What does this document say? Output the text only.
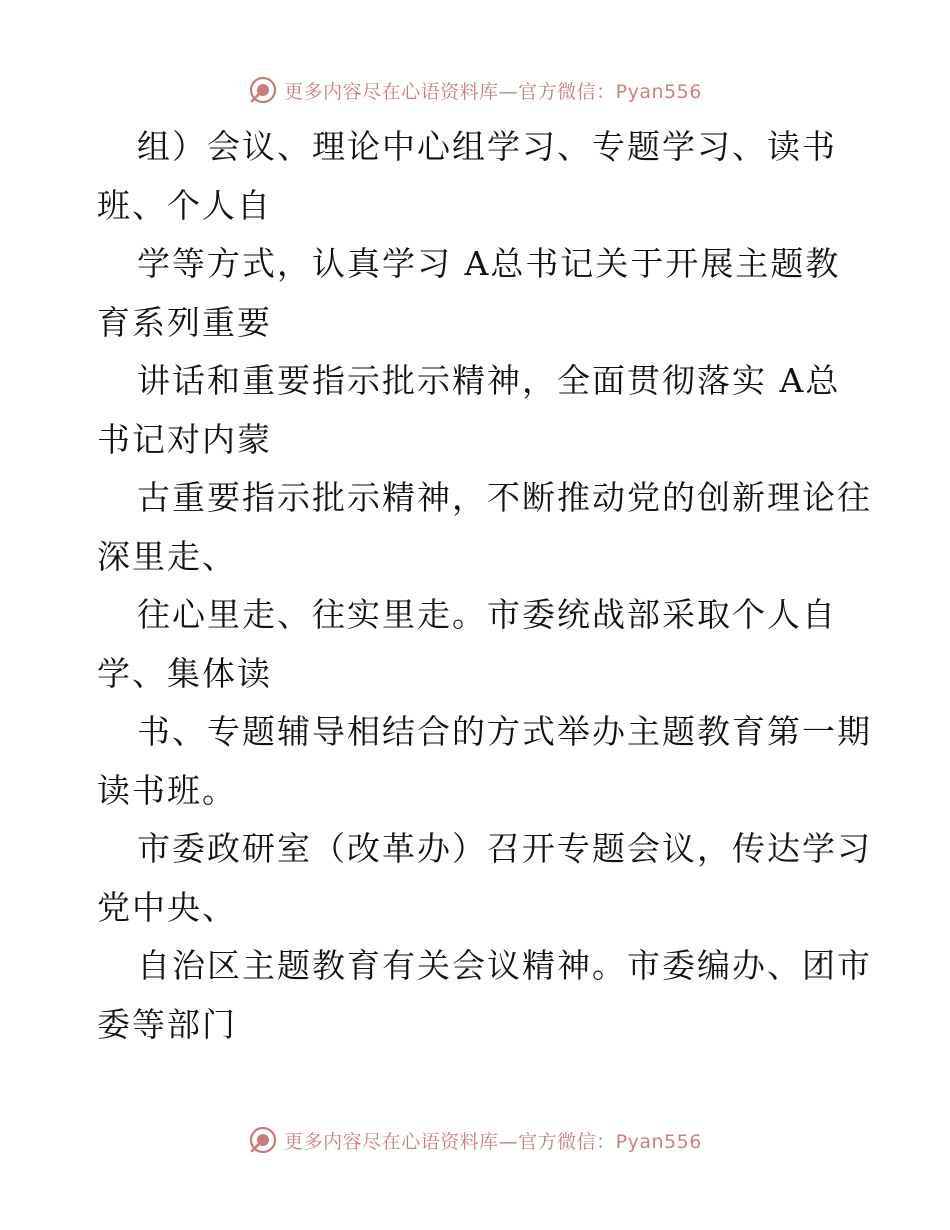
更多内容尽在心语资料库—官方微信：Pyan556
组）会议、理论中心组学习、专题学习、读书
班、个人自
学等方式，认真学习 A总书记关于开展主题教
育系列重要
讲话和重要指示批示精神，全面贯彻落实 A总
书记对内蒙
古重要指示批示精神，不断推动党的创新理论往
深里走、
往心里走、往实里走。市委统战部采取个人自
学、集体读
书、专题辅导相结合的方式举办主题教育第一期
读书班。
市委政研室（改革办）召开专题会议，传达学习
党中央、
自治区主题教育有关会议精神。市委编办、团市
委等部门
更多内容尽在心语资料库—官方微信：Pyan556
